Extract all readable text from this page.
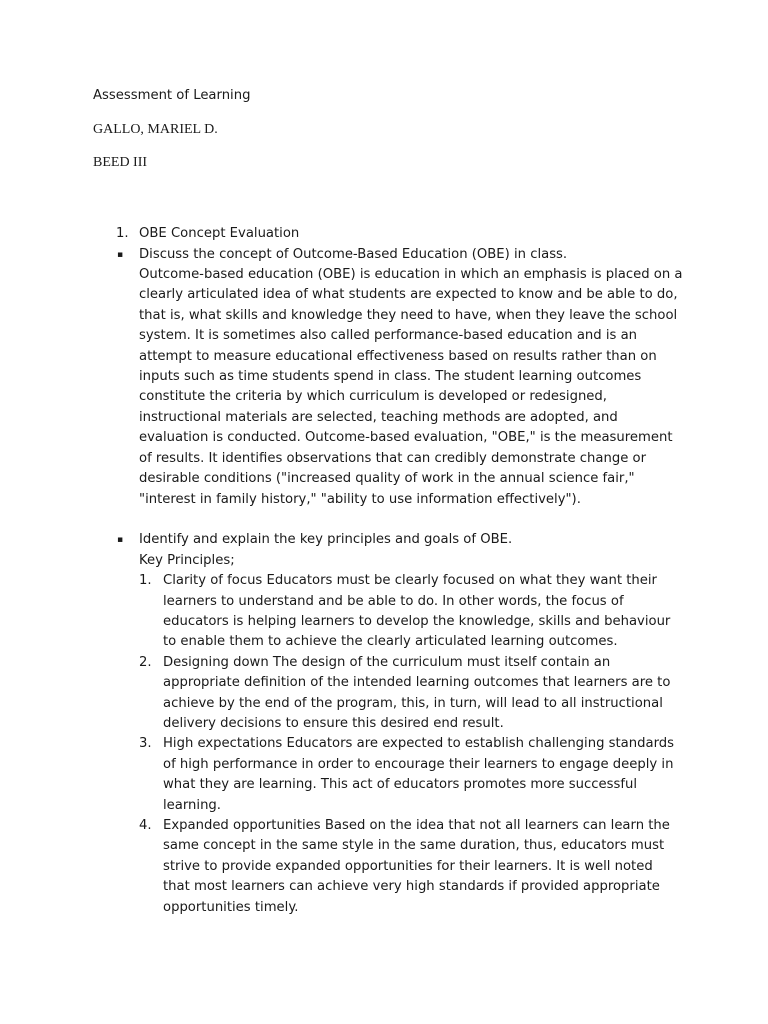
Assessment of Learning

GALLO, MARIEL D.

BEED III

1. OBE Concept Evaluation
▪ Discuss the concept of Outcome-Based Education (OBE) in class.
Outcome-based education (OBE) is education in which an emphasis is placed on a clearly articulated idea of what students are expected to know and be able to do, that is, what skills and knowledge they need to have, when they leave the school system. It is sometimes also called performance-based education and is an attempt to measure educational effectiveness based on results rather than on inputs such as time students spend in class. The student learning outcomes constitute the criteria by which curriculum is developed or redesigned, instructional materials are selected, teaching methods are adopted, and evaluation is conducted. Outcome-based evaluation, "OBE," is the measurement of results. It identifies observations that can credibly demonstrate change or desirable conditions ("increased quality of work in the annual science fair," "interest in family history," "ability to use information effectively").
▪ Identify and explain the key principles and goals of OBE.
Key Principles;
1. Clarity of focus Educators must be clearly focused on what they want their learners to understand and be able to do. In other words, the focus of educators is helping learners to develop the knowledge, skills and behaviour to enable them to achieve the clearly articulated learning outcomes.
2. Designing down The design of the curriculum must itself contain an appropriate definition of the intended learning outcomes that learners are to achieve by the end of the program, this, in turn, will lead to all instructional delivery decisions to ensure this desired end result.
3. High expectations Educators are expected to establish challenging standards of high performance in order to encourage their learners to engage deeply in what they are learning. This act of educators promotes more successful learning.
4. Expanded opportunities Based on the idea that not all learners can learn the same concept in the same style in the same duration, thus, educators must strive to provide expanded opportunities for their learners. It is well noted that most learners can achieve very high standards if provided appropriate opportunities timely.
